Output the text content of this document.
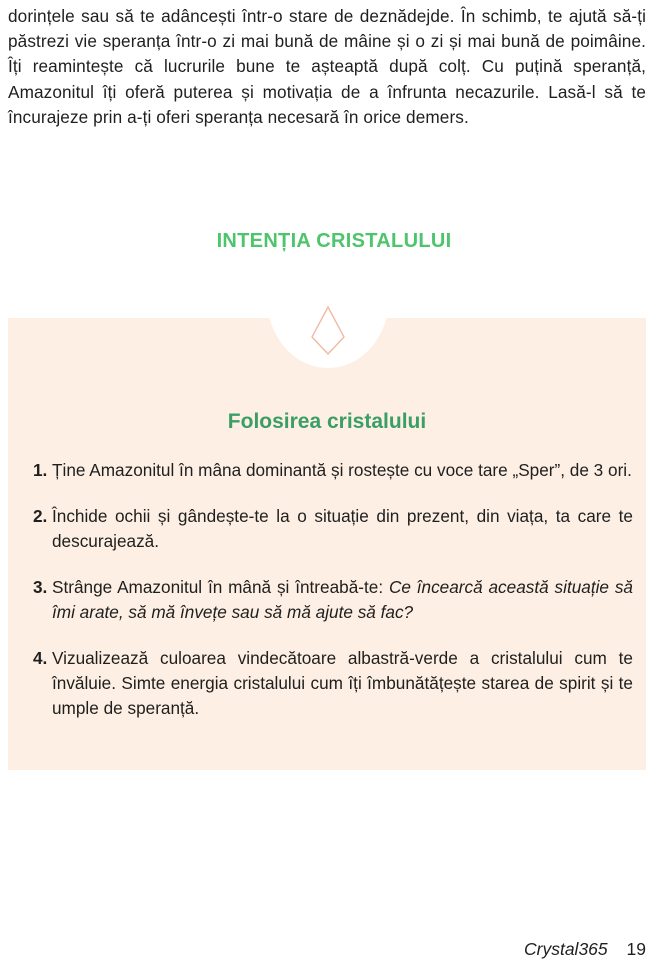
dorințele sau să te adâncești într-o stare de deznădejde. În schimb, te ajută să-ți păstrezi vie speranța într-o zi mai bună de mâine și o zi și mai bună de poimâine. Îți reamintește că lucrurile bune te așteaptă după colț. Cu puțină speranță, Amazonitul îți oferă puterea și motivația de a înfrunta necazurile. Lasă-l să te încurajeze prin a-ți oferi speranța necesară în orice demers.

INTENȚIA CRISTALULUI
Folosirea cristalului
1. Ține Amazonitul în mâna dominantă și rostește cu voce tare „Sper”, de 3 ori.
2. Închide ochii și gândește-te la o situație din prezent, din viața, ta care te descurajează.
3. Strânge Amazonitul în mână și întreabă-te: Ce încearcă această situație să îmi arate, să mă învețe sau să mă ajute să fac?
4. Vizualizează culoarea vindecătoare albastră-verde a cristalului cum te învăluie. Simte energia cristalului cum îți îmbunătățește starea de spirit și te umple de speranță.
Crystal365 19
